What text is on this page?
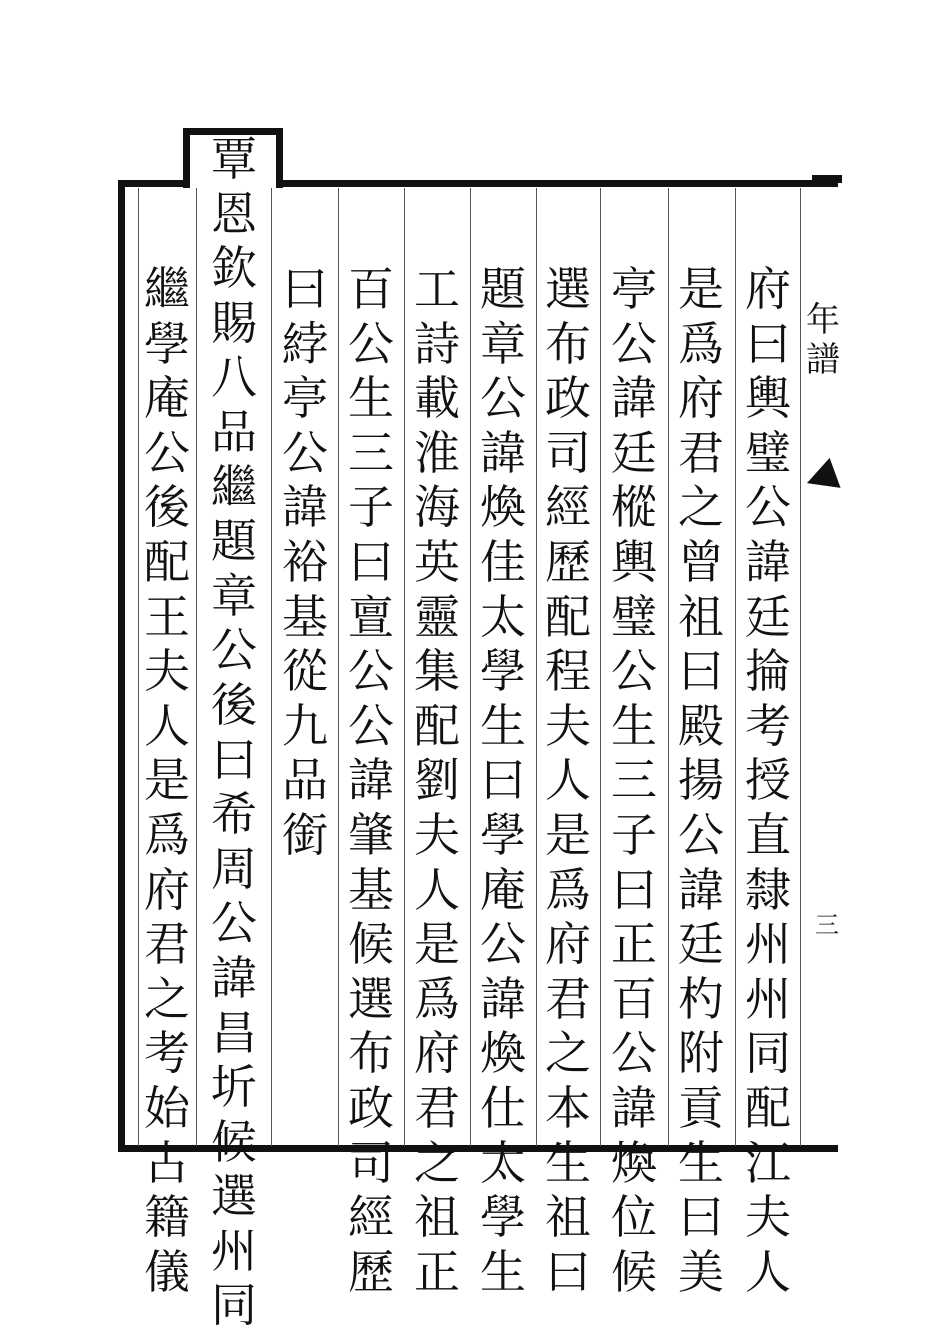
年
譜
三
府
曰
輿
璧
公
諱
廷
掄
考
授
直
隸
州
州
同
配
江
夫
人
是
爲
府
君
之
曾
祖
曰
殿
揚
公
諱
廷
杓
附
貢
生
曰
美
亭
公
諱
廷
樅
輿
璧
公
生
三
子
曰
正
百
公
諱
煥
位
候
選
布
政
司
經
歷
配
程
夫
人
是
爲
府
君
之
本
生
祖
曰
題
章
公
諱
煥
佳
太
學
生
曰
學
庵
公
諱
煥
仕
太
學
生
工
詩
載
淮
海
英
靈
集
配
劉
夫
人
是
爲
府
君
之
祖
正
百
公
生
三
子
曰
亶
公
公
諱
肇
基
候
選
布
政
司
經
歷
曰
綍
亭
公
諱
裕
基
從
九
品
銜
覃
恩
欽
賜
八
品
繼
題
章
公
後
曰
希
周
公
諱
昌
圻
候
選
州
同
繼
學
庵
公
後
配
王
夫
人
是
爲
府
君
之
考
始
占
籍
儀
